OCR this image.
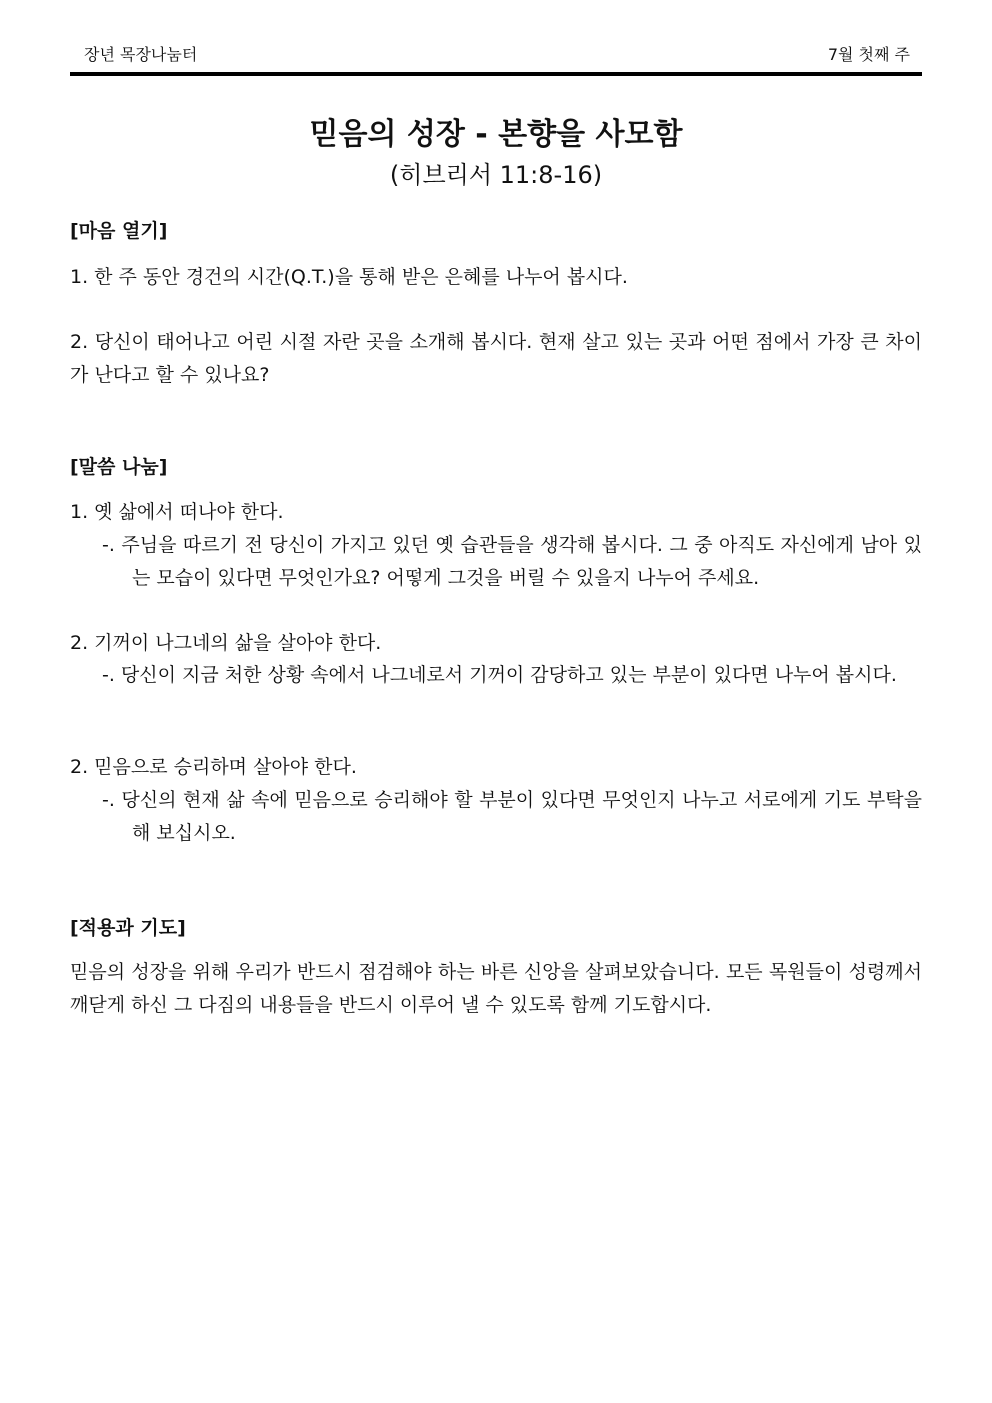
장년 목장나눔터	7월 첫째 주
믿음의 성장 - 본향을 사모함
(히브리서 11:8-16)
[마음 열기]
1. 한 주 동안 경건의 시간(Q.T.)을 통해 받은 은혜를 나누어 봅시다.
2. 당신이 태어나고 어린 시절 자란 곳을 소개해 봅시다. 현재 살고 있는 곳과 어떤 점에서 가장 큰 차이가 난다고 할 수 있나요?
[말씀 나눔]
1. 옛 삶에서 떠나야 한다.
-. 주님을 따르기 전 당신이 가지고 있던 옛 습관들을 생각해 봅시다. 그 중 아직도 자신에게 남아 있는 모습이 있다면 무엇인가요? 어떻게 그것을 버릴 수 있을지 나누어 주세요.
2. 기꺼이 나그네의 삶을 살아야 한다.
-. 당신이 지금 처한 상황 속에서 나그네로서 기꺼이 감당하고 있는 부분이 있다면 나누어 봅시다.
2. 믿음으로 승리하며 살아야 한다.
-. 당신의 현재 삶 속에 믿음으로 승리해야 할 부분이 있다면 무엇인지 나누고 서로에게 기도 부탁을 해 보십시오.
[적용과 기도]
믿음의 성장을 위해 우리가 반드시 점검해야 하는 바른 신앙을 살펴보았습니다. 모든 목원들이 성령께서 깨닫게 하신 그 다짐의 내용들을 반드시 이루어 낼 수 있도록 함께 기도합시다.
